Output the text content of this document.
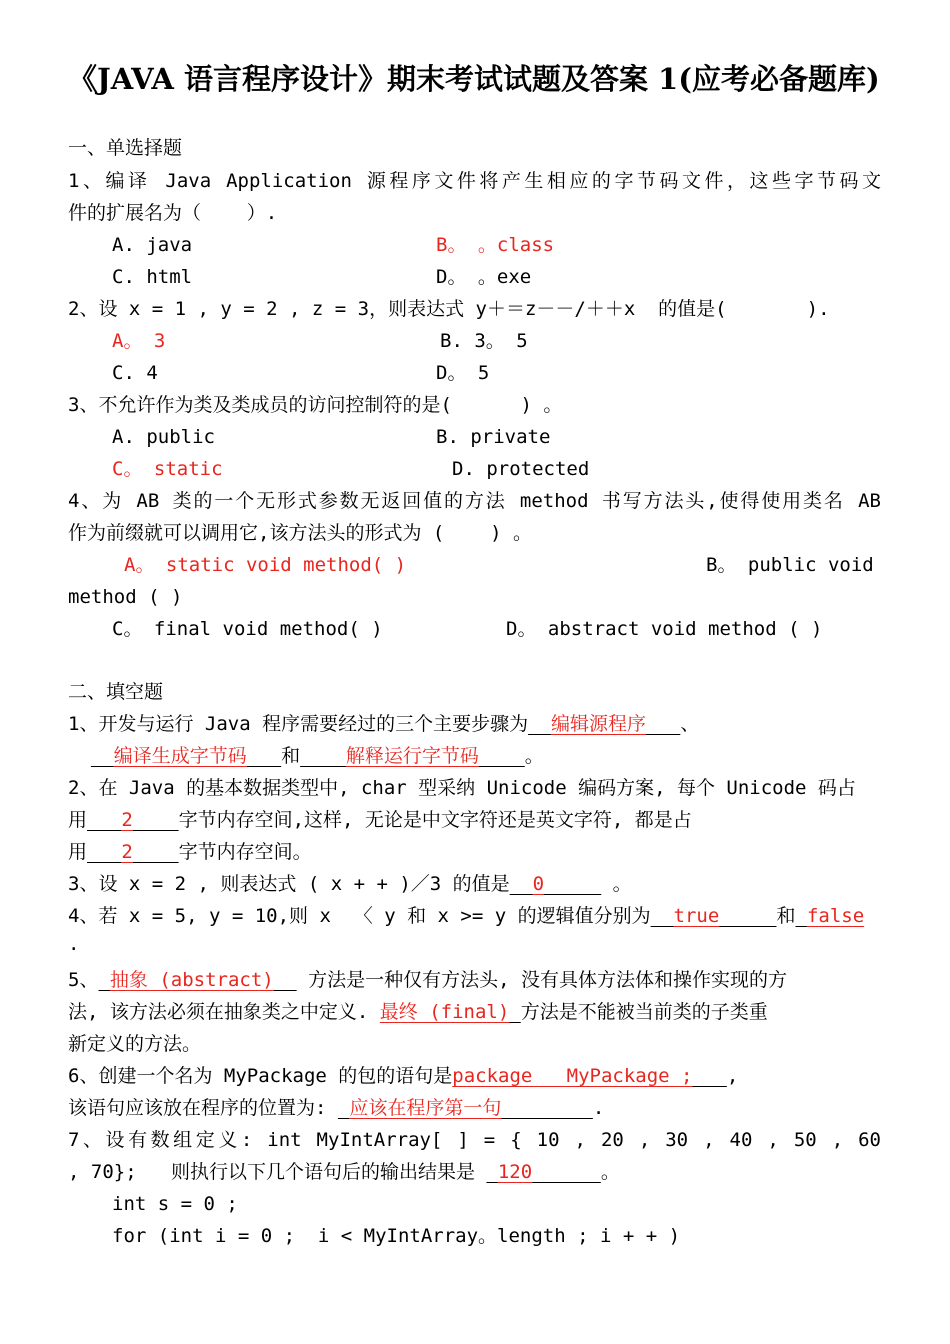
《JAVA 语言程序设计》期末考试试题及答案 1(应考必备题库)
一、单选择题
1、编译 Java Application 源程序文件将产生相应的字节码文件，这些字节码文
件的扩展名为（    ）.
A. java	B。 。class
C. html	D。 。exe
2、设 x = 1 , y = 2 , z = 3，则表达式 y＋＝z－－/＋＋x  的值是(       ).
A。 3	B. 3。 5
C. 4	D。 5
3、不允许作为类及类成员的访问控制符的是(      ) 。
A. public	B. private
C。 static	D. protected
4、为 AB 类的一个无形式参数无返回值的方法 method 书写方法头,使得使用类名 AB
作为前缀就可以调用它,该方法头的形式为 (    ) 。
A。 static void method( )	B。 public void
method ( )
C。 final void method( )	D。 abstract void method ( )
二、填空题
1、开发与运行 Java 程序需要经过的三个主要步骤为 编辑源程序 、
编译生成字节码 和 解释运行字节码 。
2、在 Java 的基本数据类型中, char 型采纳 Unicode 编码方案, 每个 Unicode 码占
用 2 字节内存空间,这样, 无论是中文字符还是英文字符, 都是占
用 2 字节内存空间。
3、设 x = 2 , 则表达式 ( x + + )／3 的值是 0	。
4、若 x = 5, y = 10,则 x  〈 y 和 x >= y 的逻辑值分别为 true	和 false
.
5、 抽象 (abstract)   方法是一种仅有方法头, 没有具体方法体和操作实现的方
法, 该方法必须在抽象类之中定义. 最终 (final) 方法是不能被当前类的子类重
新定义的方法。
6、创建一个名为 MyPackage 的包的语句是package   MyPackage ; ,
该语句应该放在程序的位置为: 应该在程序第一句	.
7、设有数组定义: int MyIntArray[ ] = { 10 , 20 , 30 , 40 , 50 , 60
, 70};   则执行以下几个语句后的输出结果是 120	。
int s = 0 ;
for (int i = 0 ;  i < MyIntArray。length ; i + + )
